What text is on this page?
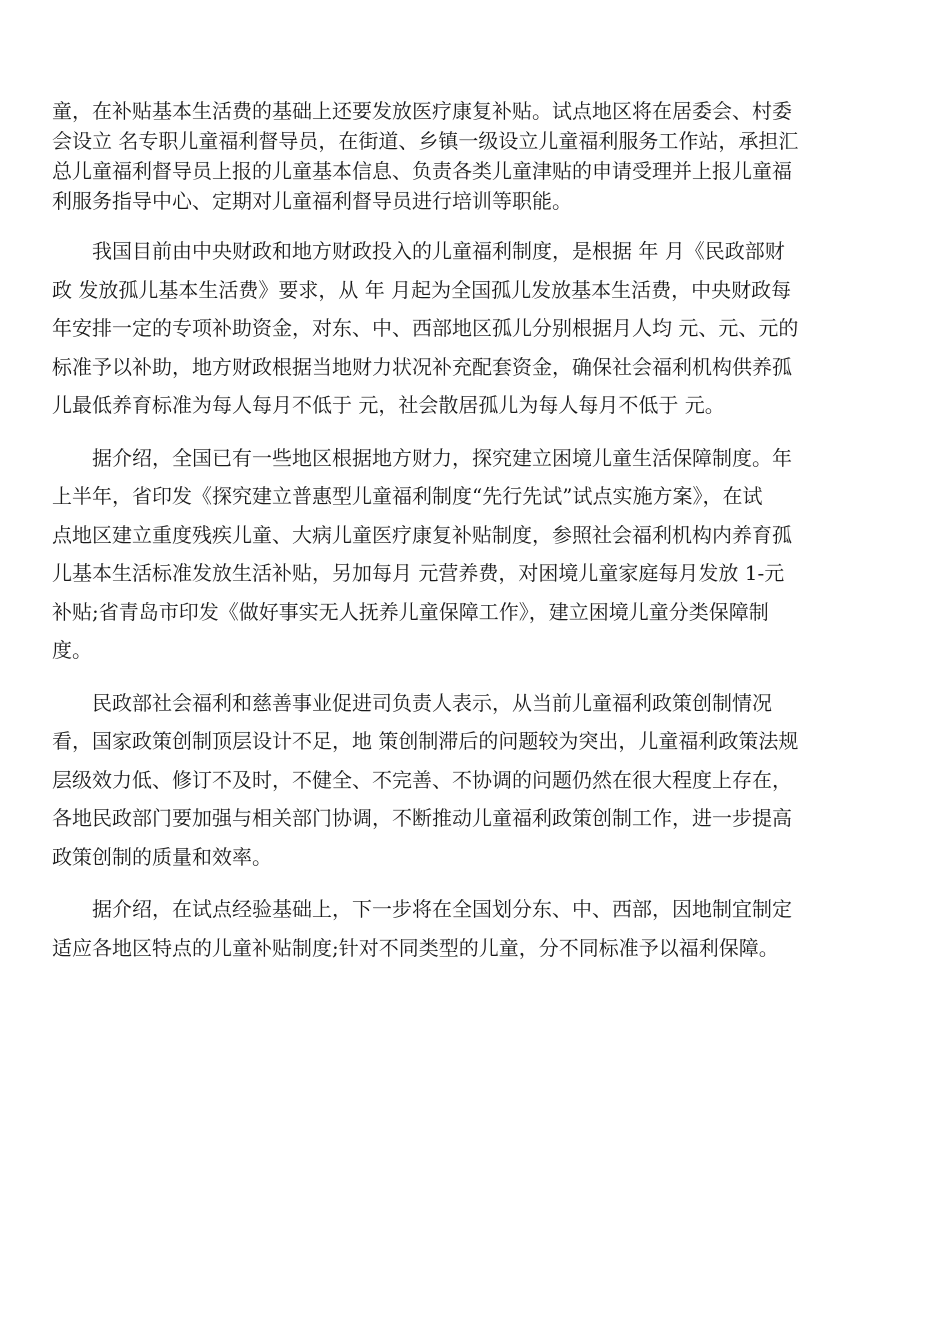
童，在补贴基本生活费的基础上还要发放医疗康复补贴。试点地区将在居委会、村委
会设立 名专职儿童福利督导员，在街道、乡镇一级设立儿童福利服务工作站，承担汇
总儿童福利督导员上报的儿童基本信息、负责各类儿童津贴的申请受理并上报儿童福
利服务指导中心、定期对儿童福利督导员进行培训等职能。
　　我国目前由中央财政和地方财政投入的儿童福利制度，是根据 年 月《民政部财
政 发放孤儿基本生活费》要求，从 年 月起为全国孤儿发放基本生活费，中央财政每
年安排一定的专项补助资金，对东、中、西部地区孤儿分别根据月人均 元、元、元的
标准予以补助，地方财政根据当地财力状况补充配套资金，确保社会福利机构供养孤
儿最低养育标准为每人每月不低于 元，社会散居孤儿为每人每月不低于 元。
　　据介绍，全国已有一些地区根据地方财力，探究建立困境儿童生活保障制度。年
上半年，省印发《探究建立普惠型儿童福利制度“先行先试”试点实施方案》，在试
点地区建立重度残疾儿童、大病儿童医疗康复补贴制度，参照社会福利机构内养育孤
儿基本生活标准发放生活补贴，另加每月 元营养费，对困境儿童家庭每月发放 1-元
补贴;省青岛市印发《做好事实无人抚养儿童保障工作》，建立困境儿童分类保障制
度。
　　民政部社会福利和慈善事业促进司负责人表示，从当前儿童福利政策创制情况
看，国家政策创制顶层设计不足，地 策创制滞后的问题较为突出，儿童福利政策法规
层级效力低、修订不及时，不健全、不完善、不协调的问题仍然在很大程度上存在，
各地民政部门要加强与相关部门协调，不断推动儿童福利政策创制工作，进一步提高
政策创制的质量和效率。
　　据介绍，在试点经验基础上，下一步将在全国划分东、中、西部，因地制宜制定
适应各地区特点的儿童补贴制度;针对不同类型的儿童，分不同标准予以福利保障。
